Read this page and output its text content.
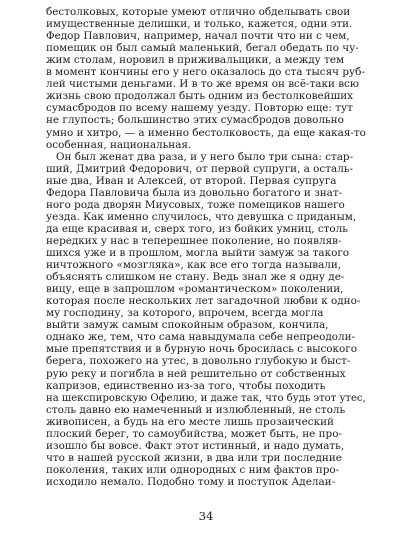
бестолковых, которые умеют отлично обделывать свои
имущественные делишки, и только, кажется, одни эти.
Федор Павлович, например, начал почти что ни с чем,
помещик он был самый маленький, бегал обедать по чу-
жим столам, норовил в приживальщики, а между тем
в момент кончины его у него оказалось до ста тысяч руб-
лей чистыми деньгами. И в то же время он всё-таки всю
жизнь свою продолжал быть одним из бестолковейших
сумасбродов по всему нашему уезду. Повторю еще: тут
не глупость; большинство этих сумасбродов довольно
умно и хитро, — а именно бестолковость, да еще какая-то
особенная, национальная.
Он был женат два раза, и у него было три сына: стар-
ший, Дмитрий Федорович, от первой супруги, а осталь-
ные два, Иван и Алексей, от второй. Первая супруга
Федора Павловича была из довольно богатого и знат-
ного рода дворян Миусовых, тоже помещиков нашего
уезда. Как именно случилось, что девушка с приданым,
да еще красивая и, сверх того, из бойких умниц, столь
нередких у нас в теперешнее поколение, но появляв-
шихся уже и в прошлом, могла выйти замуж за такого
ничтожного «мозгляка», как все его тогда называли,
объяснять слишком не стану. Ведь знал же я одну де-
вицу, еще в запрошлом «романтическом» поколении,
которая после нескольких лет загадочной любви к одно-
му господину, за которого, впрочем, всегда могла
выйти замуж самым спокойным образом, кончила,
однако же, тем, что сама навыдумала себе непреодоли-
мые препятствия и в бурную ночь бросилась с высокого
берега, похожего на утес, в довольно глубокую и быст-
рую реку и погибла в ней решительно от собственных
капризов, единственно из-за того, чтобы походить
на шекспировскую Офелию, и даже так, что будь этот утес,
столь давно ею намеченный и излюбленный, не столь
живописен, а будь на его месте лишь прозаический
плоский берег, то самоубийства, может быть, не про-
изошло бы вовсе. Факт этот истинный, и надо думать,
что в нашей русской жизни, в два или три последние
поколения, таких или однородных с ним фактов про-
исходило немало. Подобно тому и поступок Аделаи-
34
